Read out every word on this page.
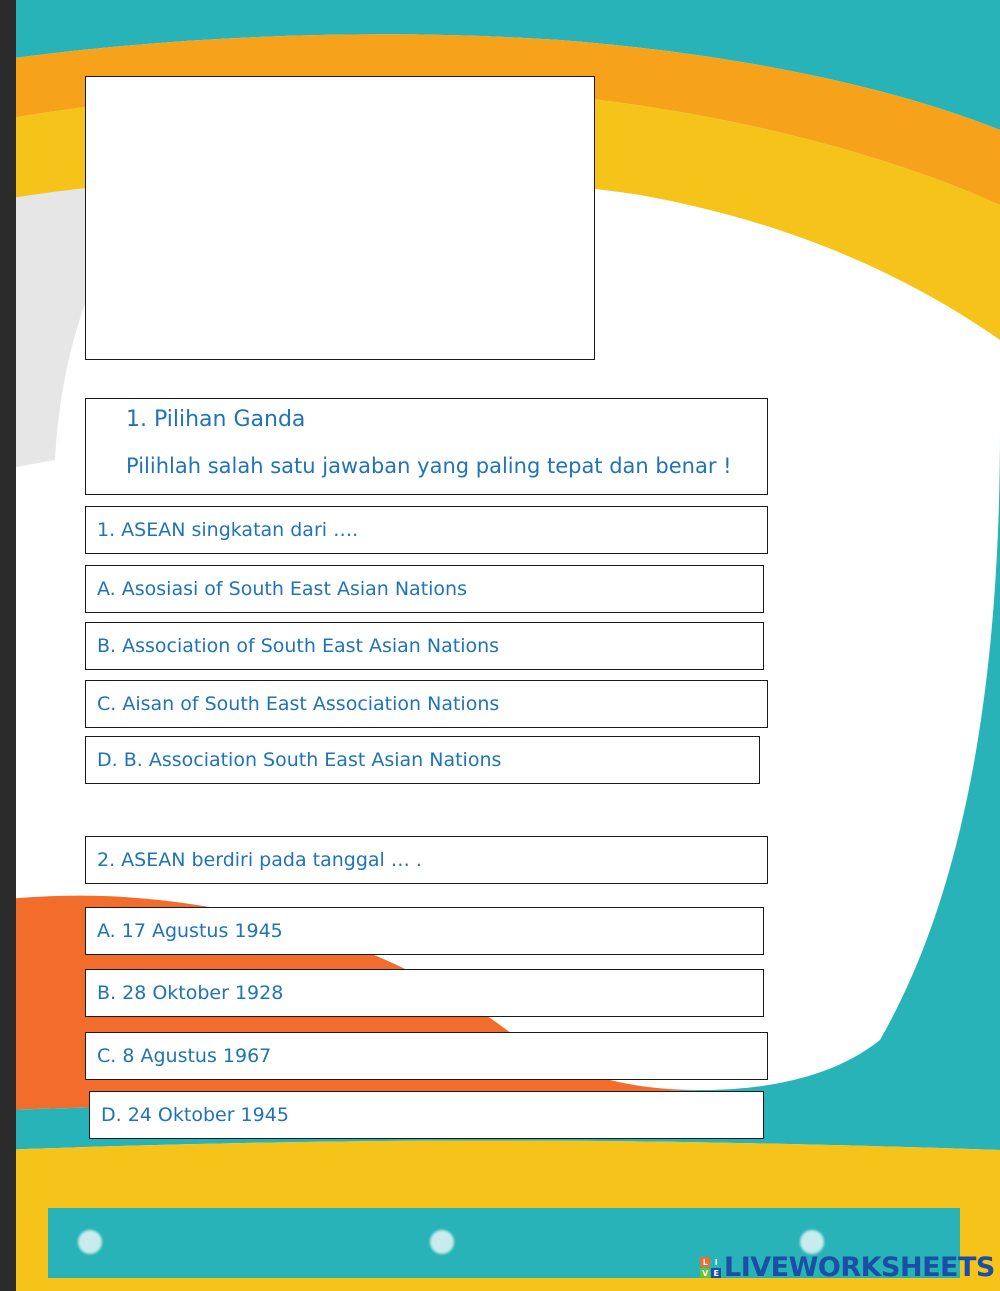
1. Pilihan Ganda
Pilihlah salah satu jawaban yang paling tepat dan benar !
1. ASEAN singkatan dari ….
A. Asosiasi of South East Asian Nations
B. Association of South East Asian Nations
C. Aisan of South East Association Nations
D. B. Association South East Asian Nations
2. ASEAN berdiri pada tanggal … .
A. 17 Agustus 1945
B. 28 Oktober 1928
C. 8 Agustus 1967
D. 24 Oktober 1945
L I
V E LIVEWORKSHEETS
